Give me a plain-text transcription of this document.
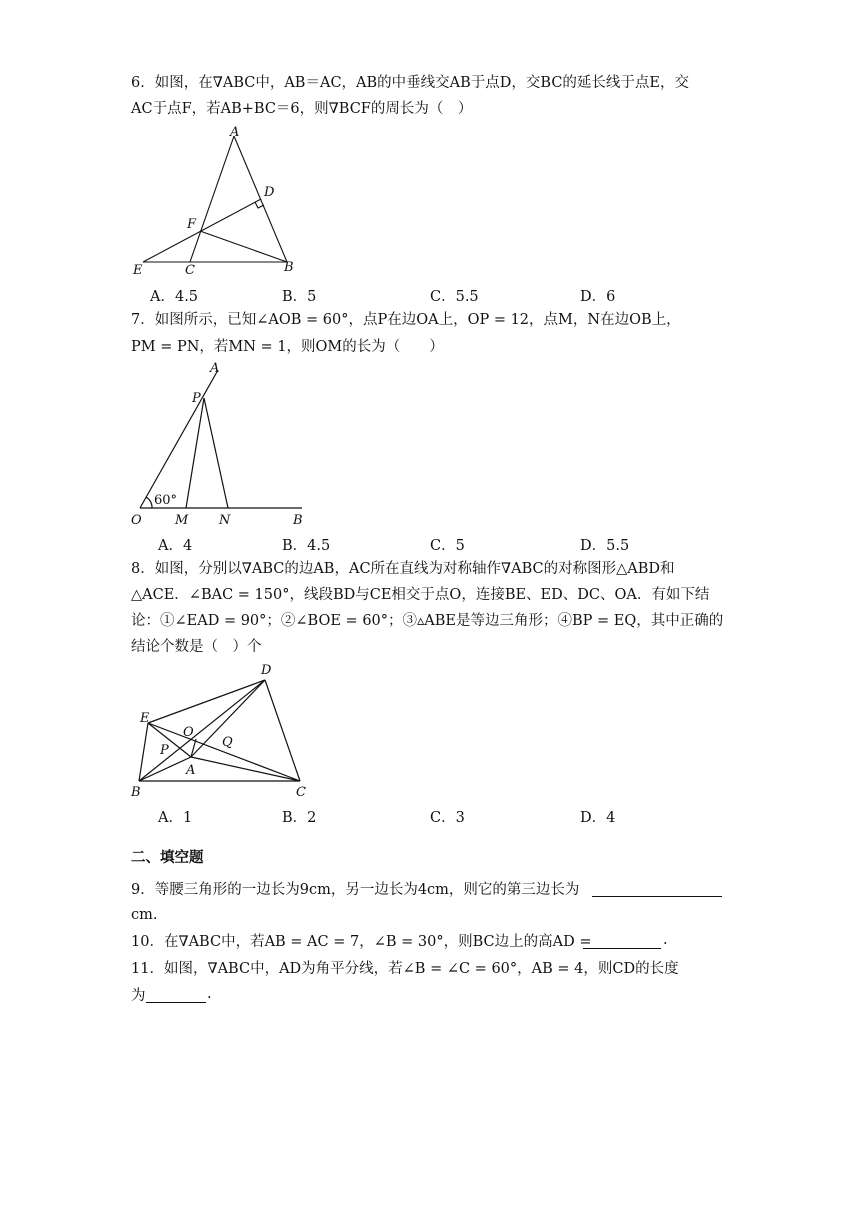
6．如图，在∇ABC中，AB＝AC，AB的中垂线交AB于点D，交BC的延长线于点E，交
AC于点F，若AB+BC＝6，则∇BCF的周长为（　）
A
D
F
E	C	B
A．4.5	B．5	C．5.5	D．6
7．如图所示，已知∠AOB = 60°，点P在边OA上，OP = 12，点M，N在边OB上，
PM = PN，若MN = 1，则OM的长为（　　）
A
P
O	M N	B
60°
A．4	B．4.5	C．5	D．5.5
8．如图，分别以∇ABC的边AB，AC所在直线为对称轴作∇ABC的对称图形△ABD和
△ACE．∠BAC = 150°，线段BD与CE相交于点O，连接BE、ED、DC、OA．有如下结
论：①∠EAD = 90°；②∠BOE = 60°；③▵ABE是等边三角形；④BP = EQ，其中正确的
结论个数是（　）个
D
E
O
P
Q
A
B	C
A．1	B．2	C．3	D．4
二、填空题
9．等腰三角形的一边长为9cm，另一边长为4cm，则它的第三边长为
cm.
10．在∇ABC中，若AB = AC = 7，∠B = 30°，则BC边上的高AD =	.
11．如图，∇ABC中，AD为角平分线，若∠B = ∠C = 60°，AB = 4，则CD的长度
为	.
